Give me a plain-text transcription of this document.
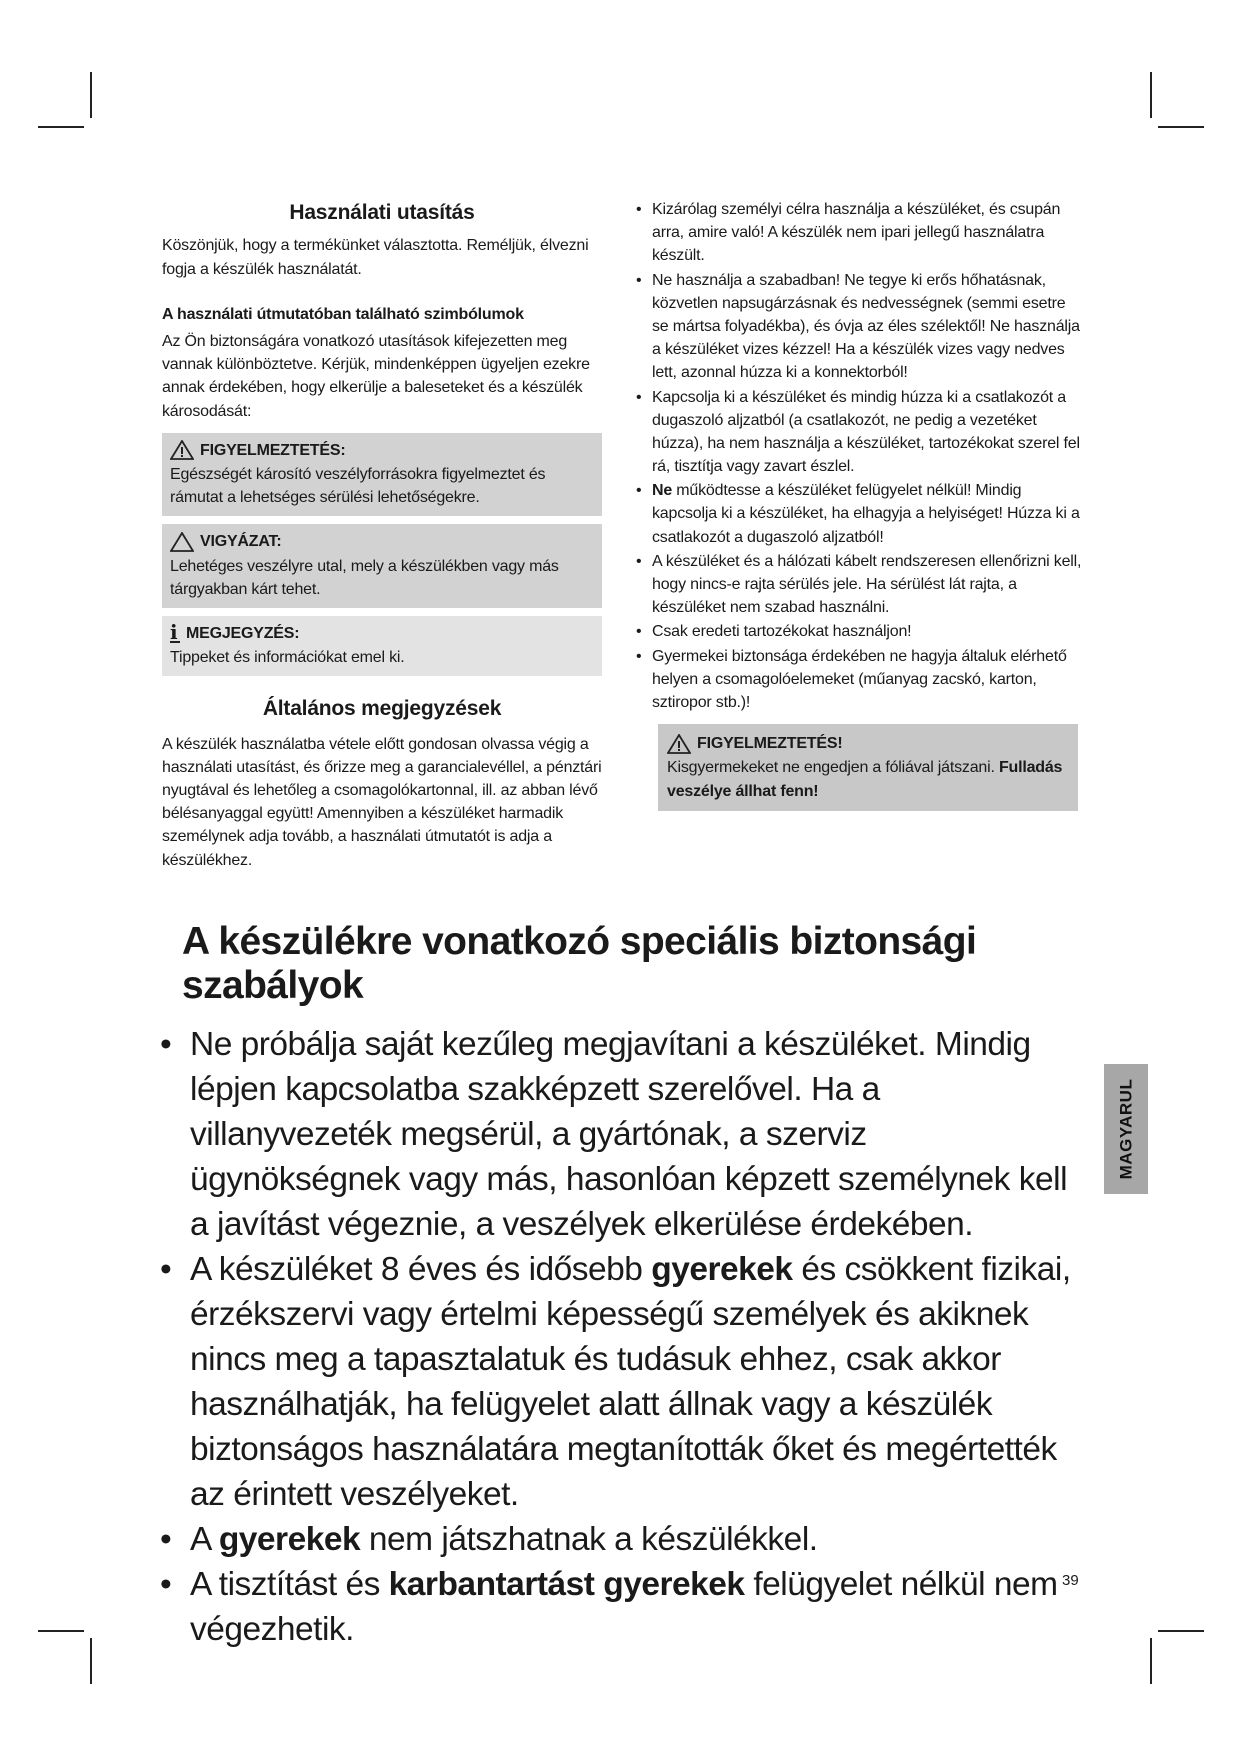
Használati utasítás

Köszönjük, hogy a termékünket választotta. Reméljük, élvezni fogja a készülék használatát.

A használati útmutatóban található szimbólumok

Az Ön biztonságára vonatkozó utasítások kifejezetten meg vannak különböztetve. Kérjük, mindenképpen ügyeljen ezekre annak érdekében, hogy elkerülje a baleseteket és a készülék károsodását:

FIGYELMEZTETÉS:
Egészségét károsító veszélyforrásokra figyelmeztet és rámutat a lehetséges sérülési lehetőségekre.
VIGYÁZAT:
Lehetéges veszélyre utal, mely a készülékben vagy más tárgyakban kárt tehet.
i MEGJEGYZÉS:
Tippeket és információkat emel ki.
Általános megjegyzések

A készülék használatba vétele előtt gondosan olvassa végig a használati utasítást, és őrizze meg a garancialevéllel, a pénztári nyugtával és lehetőleg a csomagolókartonnal, ill. az abban lévő bélésanyaggal együtt! Amennyiben a készüléket harmadik személynek adja tovább, a használati útmutatót is adja a készülékhez.

• Kizárólag személyi célra használja a készüléket, és csupán arra, amire való! A készülék nem ipari jellegű használatra készült.
• Ne használja a szabadban! Ne tegye ki erős hőhatásnak, közvetlen napsugárzásnak és nedvességnek (semmi esetre se mártsa folyadékba), és óvja az éles szélektől! Ne használja a készüléket vizes kézzel! Ha a készülék vizes vagy nedves lett, azonnal húzza ki a konnektorból!
• Kapcsolja ki a készüléket és mindig húzza ki a csatlakozót a dugaszoló aljzatból (a csatlakozót, ne pedig a vezetéket húzza), ha nem használja a készüléket, tartozékokat szerel fel rá, tisztítja vagy zavart észlel.
• Ne működtesse a készüléket felügyelet nélkül! Mindig kapcsolja ki a készüléket, ha elhagyja a helyiséget! Húzza ki a csatlakozót a dugaszoló aljzatból!
• A készüléket és a hálózati kábelt rendszeresen ellenőrizni kell, hogy nincs-e rajta sérülés jele. Ha sérülést lát rajta, a készüléket nem szabad használni.
• Csak eredeti tartozékokat használjon!
• Gyermekei biztonsága érdekében ne hagyja általuk elérhető helyen a csomagolóelemeket (műanyag zacskó, karton, sztiropor stb.)!
FIGYELMEZTETÉS!
Kisgyermekeket ne engedjen a fóliával játszani. Fulladás veszélye állhat fenn!
A készülékre vonatkozó speciális biztonsági szabályok
• Ne próbálja saját kezűleg megjavítani a készüléket. Mindig lépjen kapcsolatba szakképzett szerelővel. Ha a villanyvezeték megsérül, a gyártónak, a szerviz ügynökségnek vagy más, hasonlóan képzett személynek kell a javítást végeznie, a veszélyek elkerülése érdekében.
• A készüléket 8 éves és idősebb gyerekek és csökkent fizikai, érzékszervi vagy értelmi képességű személyek és akiknek nincs meg a tapasztalatuk és tudásuk ehhez, csak akkor használhatják, ha felügyelet alatt állnak vagy a készülék biztonságos használatára megtanították őket és megértették az érintett veszélyeket.
• A gyerekek nem játszhatnak a készülékkel.
• A tisztítást és karbantartást gyerekek felügyelet nélkül nem végezhetik.
MAGYARUL
39
